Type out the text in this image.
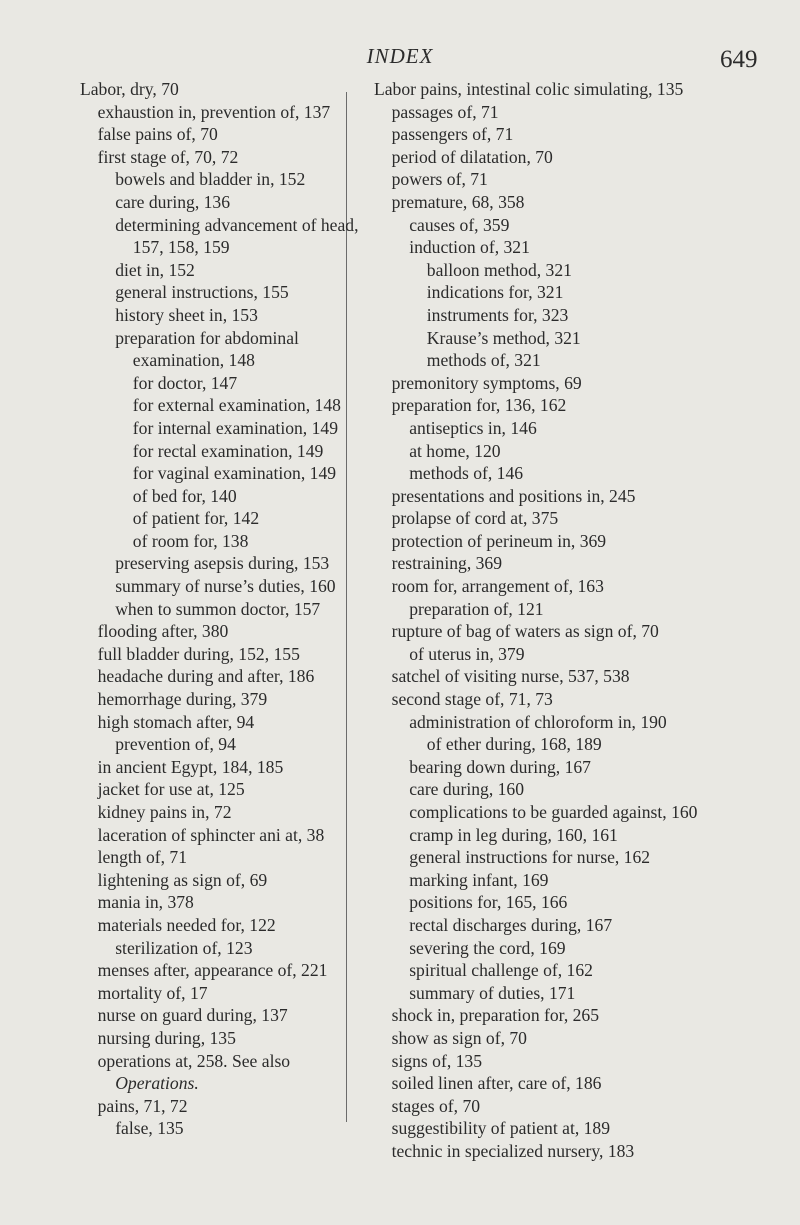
INDEX	649
Labor, dry, 70
exhaustion in, prevention of, 137
false pains of, 70
first stage of, 70, 72
bowels and bladder in, 152
care during, 136
determining advancement of head, 157, 158, 159
diet in, 152
general instructions, 155
history sheet in, 153
preparation for abdominal examination, 148
for doctor, 147
for external examination, 148
for internal examination, 149
for rectal examination, 149
for vaginal examination, 149
of bed for, 140
of patient for, 142
of room for, 138
preserving asepsis during, 153
summary of nurse’s duties, 160
when to summon doctor, 157
flooding after, 380
full bladder during, 152, 155
headache during and after, 186
hemorrhage during, 379
high stomach after, 94
prevention of, 94
in ancient Egypt, 184, 185
jacket for use at, 125
kidney pains in, 72
laceration of sphincter ani at, 38
length of, 71
lightening as sign of, 69
mania in, 378
materials needed for, 122
sterilization of, 123
menses after, appearance of, 221
mortality of, 17
nurse on guard during, 137
nursing during, 135
operations at, 258. See also Operations.
pains, 71, 72
false, 135
Labor pains, intestinal colic simulating, 135
passages of, 71
passengers of, 71
period of dilatation, 70
powers of, 71
premature, 68, 358
causes of, 359
induction of, 321
balloon method, 321
indications for, 321
instruments for, 323
Krause’s method, 321
methods of, 321
premonitory symptoms, 69
preparation for, 136, 162
antiseptics in, 146
at home, 120
methods of, 146
presentations and positions in, 245
prolapse of cord at, 375
protection of perineum in, 369
restraining, 369
room for, arrangement of, 163
preparation of, 121
rupture of bag of waters as sign of, 70
of uterus in, 379
satchel of visiting nurse, 537, 538
second stage of, 71, 73
administration of chloroform in, 190
of ether during, 168, 189
bearing down during, 167
care during, 160
complications to be guarded against, 160
cramp in leg during, 160, 161
general instructions for nurse, 162
marking infant, 169
positions for, 165, 166
rectal discharges during, 167
severing the cord, 169
spiritual challenge of, 162
summary of duties, 171
shock in, preparation for, 265
show as sign of, 70
signs of, 135
soiled linen after, care of, 186
stages of, 70
suggestibility of patient at, 189
technic in specialized nursery, 183
